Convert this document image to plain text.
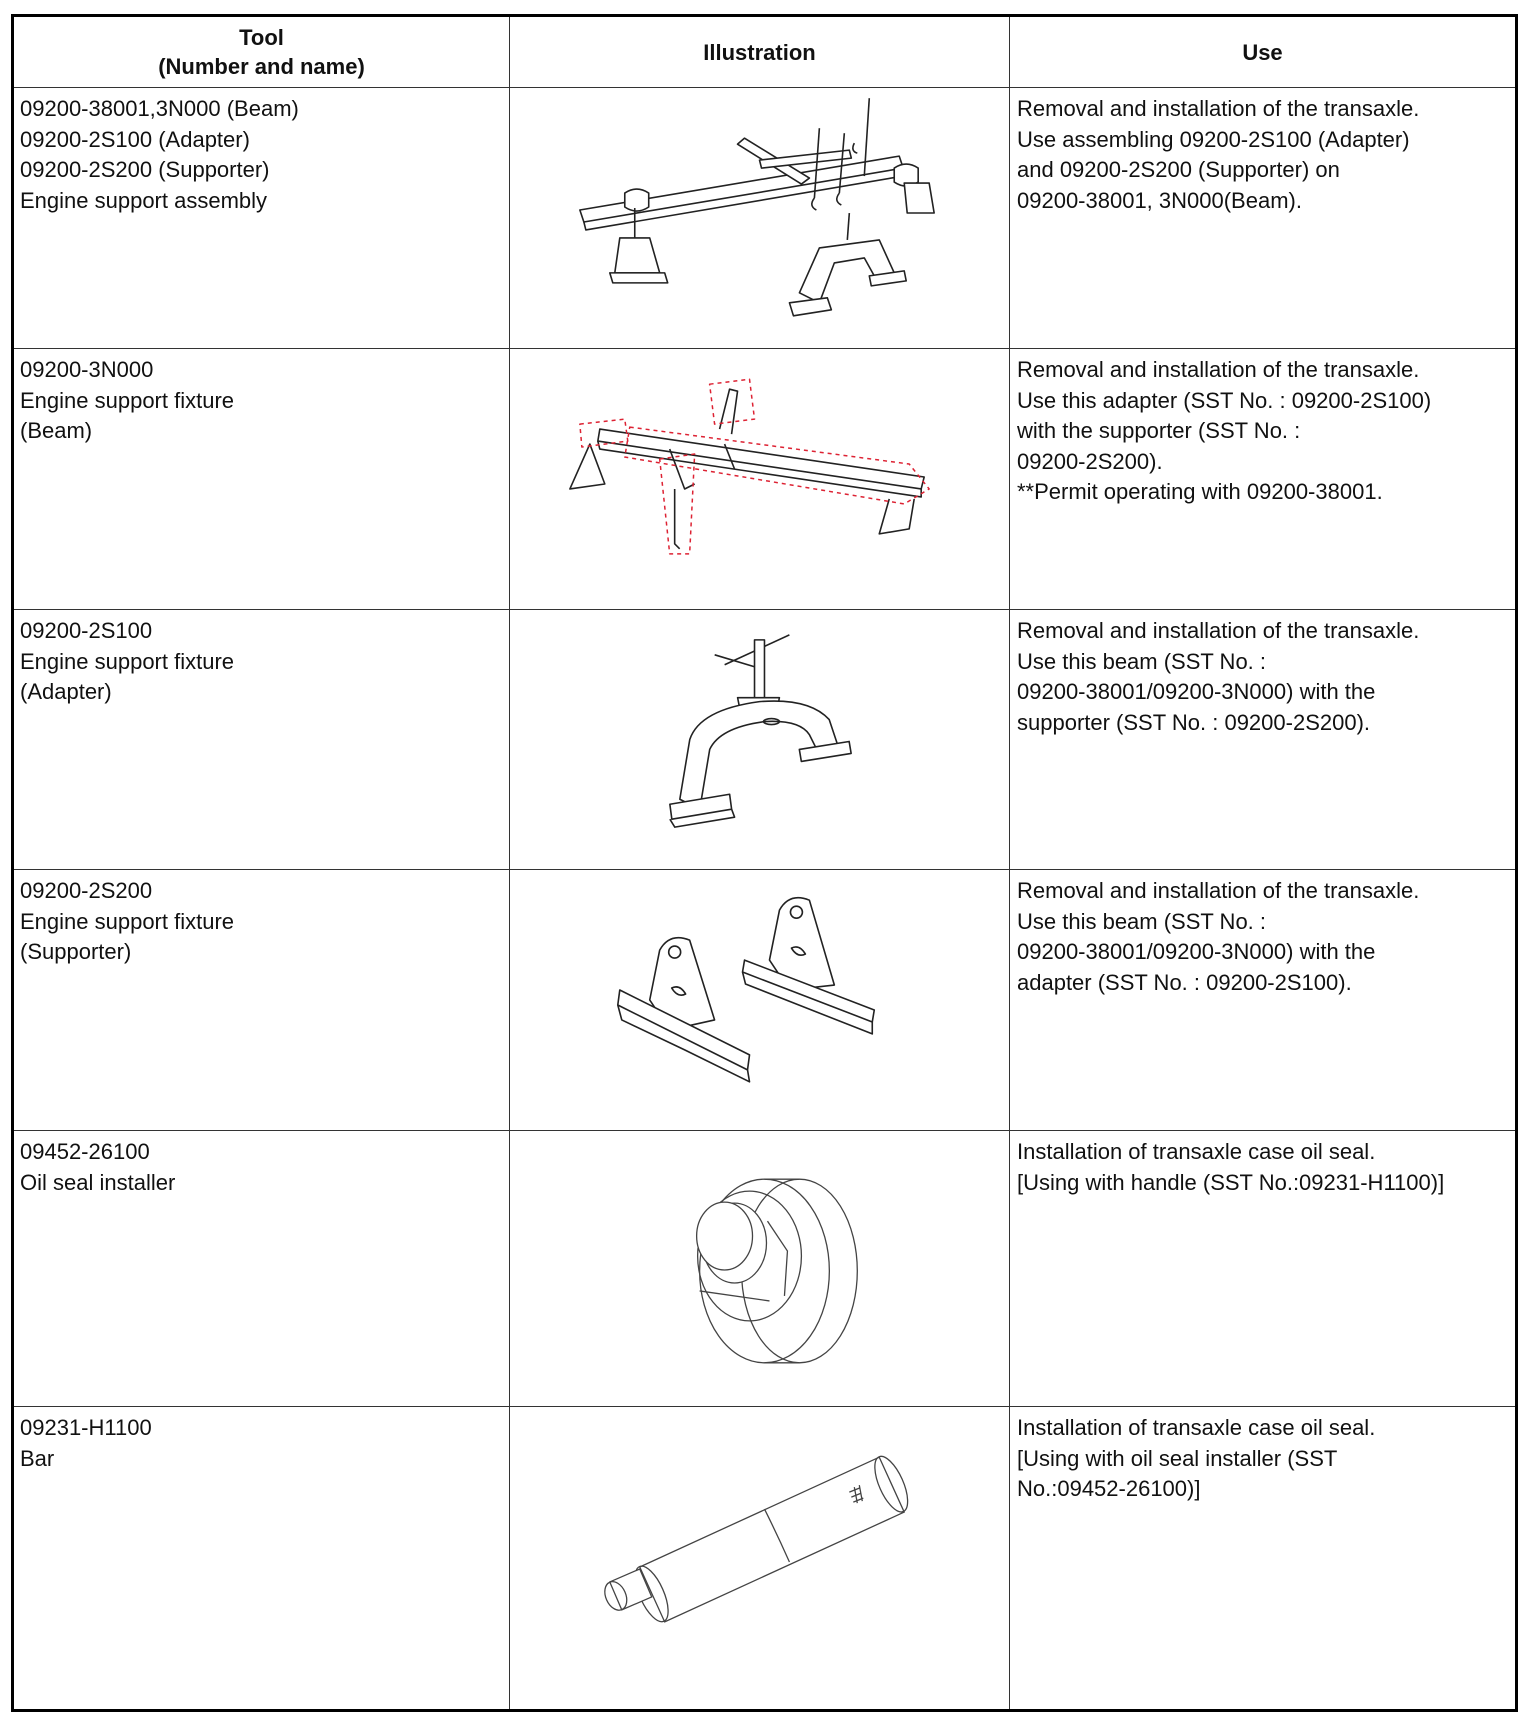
Tool
(Number and name)	Illustration	Use

09200-38001,3N000 (Beam)
09200-2S100 (Adapter)
09200-2S200 (Supporter)
Engine support assembly		Removal and installation of the transaxle.
Use assembling 09200-2S100 (Adapter)
and 09200-2S200 (Supporter) on
09200-38001, 3N000(Beam).

09200-3N000
Engine support fixture
(Beam)		Removal and installation of the transaxle.
Use this adapter (SST No. : 09200-2S100)
with the supporter (SST No. :
09200-2S200).
**Permit operating with 09200-38001.

09200-2S100
Engine support fixture
(Adapter)		Removal and installation of the transaxle.
Use this beam (SST No. :
09200-38001/09200-3N000) with the
supporter (SST No. : 09200-2S200).

09200-2S200
Engine support fixture
(Supporter)		Removal and installation of the transaxle.
Use this beam (SST No. :
09200-38001/09200-3N000) with the
adapter (SST No. : 09200-2S100).

09452-26100
Oil seal installer		Installation of transaxle case oil seal.
[Using with handle (SST No.:09231-H1100)]

09231-H1100
Bar		Installation of transaxle case oil seal.
[Using with oil seal installer (SST
No.:09452-26100)]
